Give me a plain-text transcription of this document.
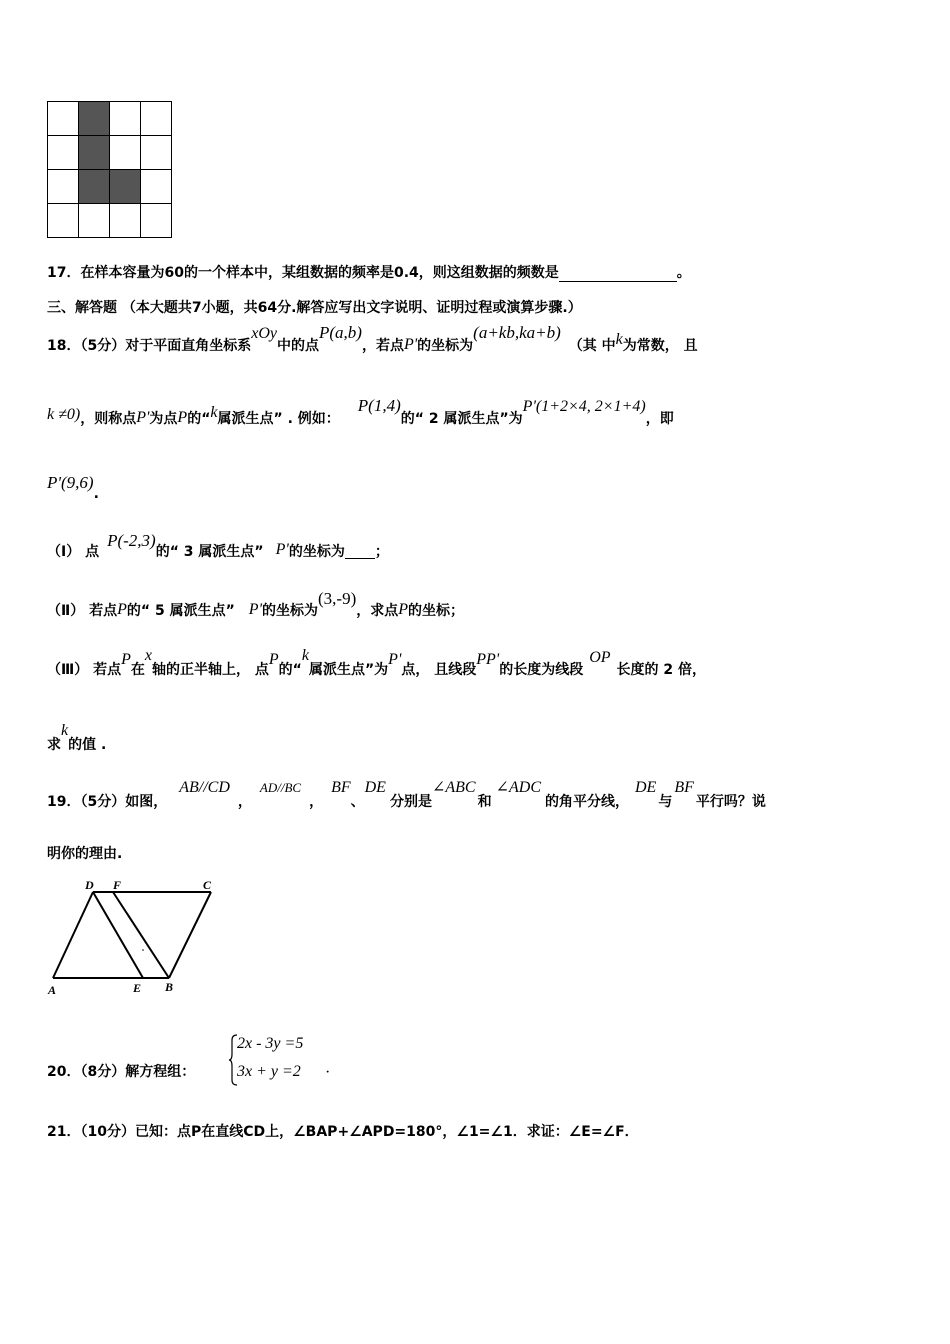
17．在样本容量为60的一个样本中，某组数据的频率是0.4，则这组数据的频数是	。
三、解答题 （本大题共7小题，共64分.解答应写出文字说明、证明过程或演算步骤.）
18．（5分）对于平面直角坐标系xOy中的点P(a,b)，若点P'的坐标为(a+kb,ka+b)（其 中k为常数， 且
k ≠0)，则称点P'为点P的“k属派生点” . 例如：P(1,4)的“ 2 属派生点”为P'(1+2×4, 2×1+4)，即
P'(9,6).
（Ⅰ） 点P(-2,3)的“ 3 属派生点” P'的坐标为 ；
（Ⅱ） 若点P的“ 5 属派生点” P'的坐标为(3,-9)，求点P的坐标；
（Ⅲ） 若点P在x轴的正半轴上， 点P的“k属派生点”为P'点， 且线段PP'的长度为线段OP长度的 2 倍，
求k的值 .
19．（5分）如图，AB//CD，AD//BC，BF、DE分别是∠ABC和∠ADC的角平分线，DE与BF平行吗？说
明你的理由.
D F	C
A	E B
20．（8分）解方程组：
2x - 3y =5
3x + y =2 ·
21．（10分）已知：点P在直线CD上，∠BAP+∠APD=180°，∠1=∠1．求证：∠E=∠F．
